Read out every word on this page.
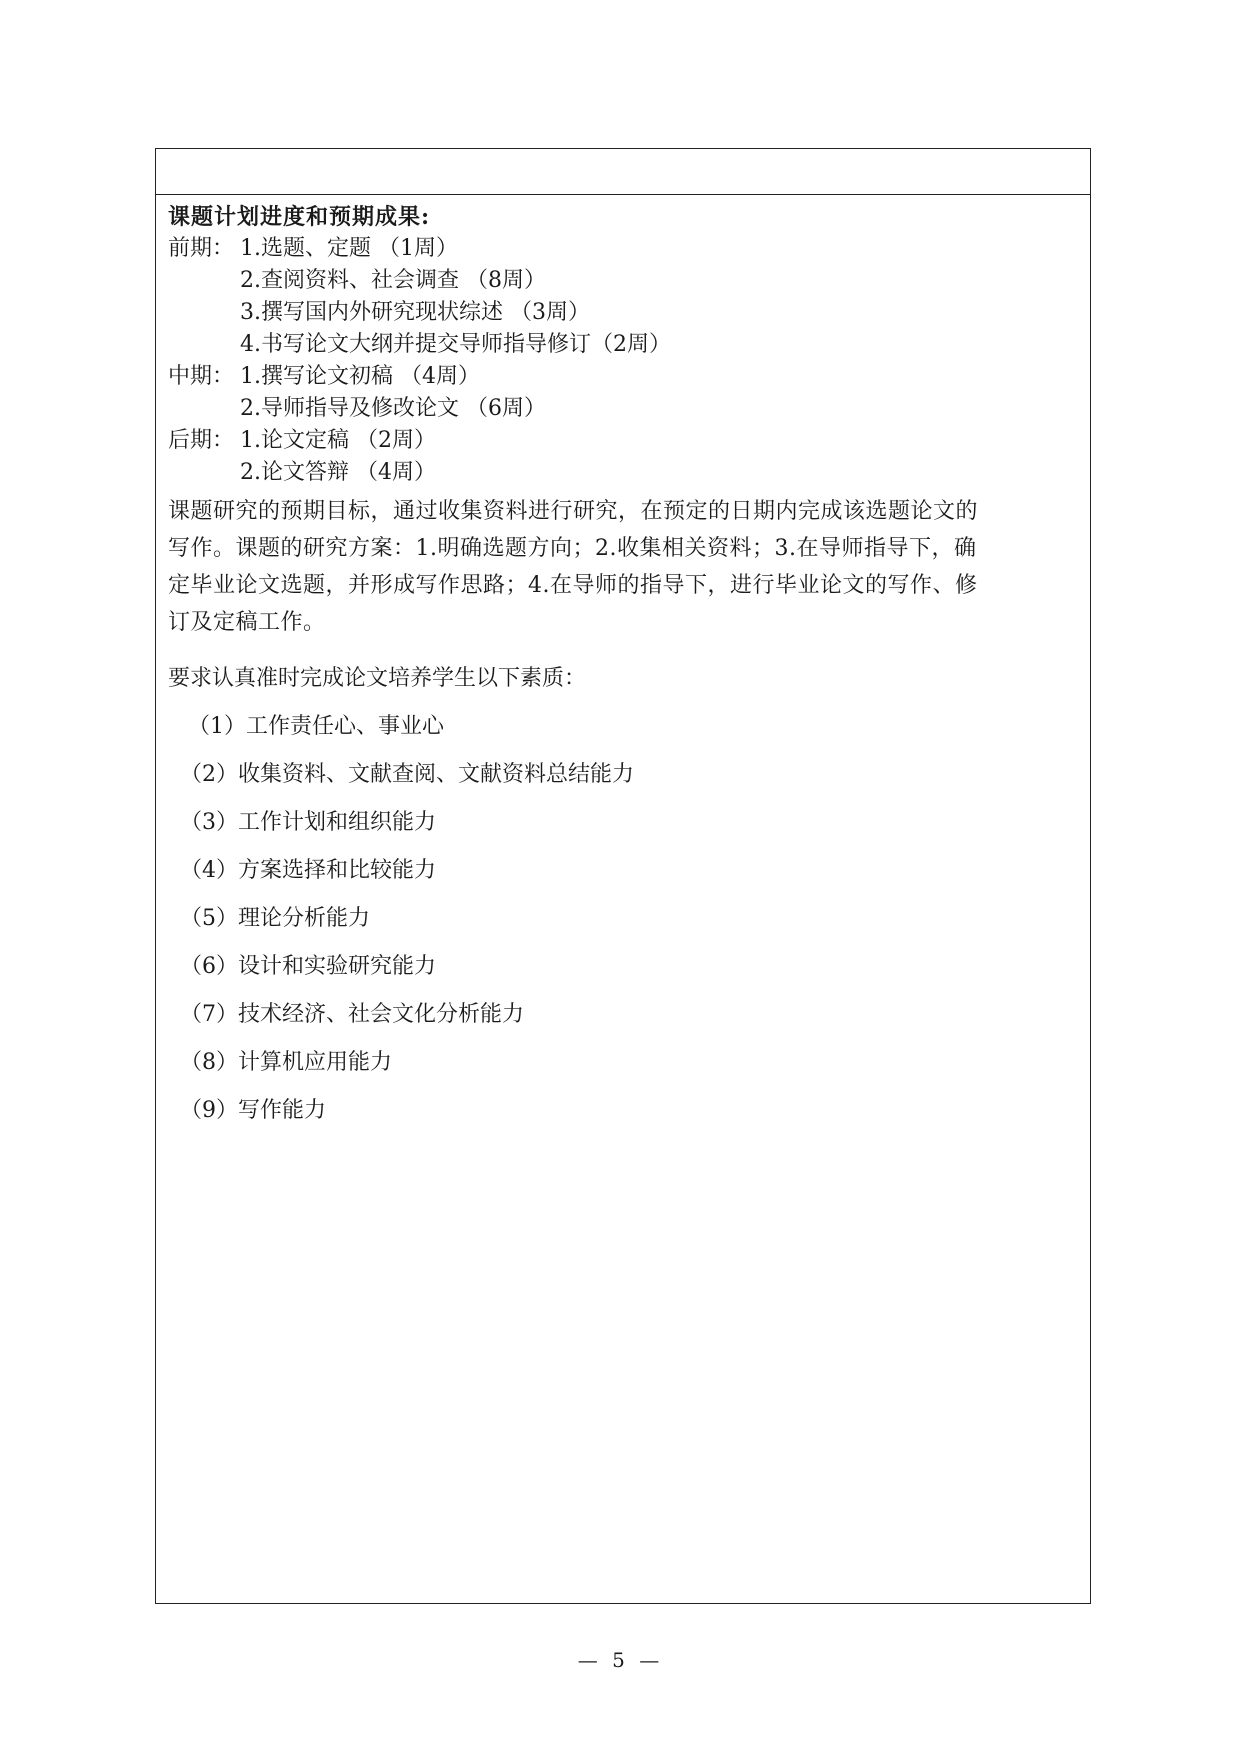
课题计划进度和预期成果:
前期： 1.选题、定题 （1周）
2.查阅资料、社会调查 （8周）
3.撰写国内外研究现状综述 （3周）
4.书写论文大纲并提交导师指导修订（2周）
中期： 1.撰写论文初稿 （4周）
2.导师指导及修改论文 （6周）
后期： 1.论文定稿 （2周）
2.论文答辩 （4周）
课题研究的预期目标，通过收集资料进行研究，在预定的日期内完成该选题论文的
写作。课题的研究方案：1.明确选题方向；2.收集相关资料；3.在导师指导下，确
定毕业论文选题，并形成写作思路；4.在导师的指导下，进行毕业论文的写作、修
订及定稿工作。
要求认真准时完成论文培养学生以下素质：
（1）工作责任心、事业心
（2）收集资料、文献查阅、文献资料总结能力
（3）工作计划和组织能力
（4）方案选择和比较能力
（5）理论分析能力
（6）设计和实验研究能力
（7）技术经济、社会文化分析能力
（8）计算机应用能力
（9）写作能力
— 5 —
